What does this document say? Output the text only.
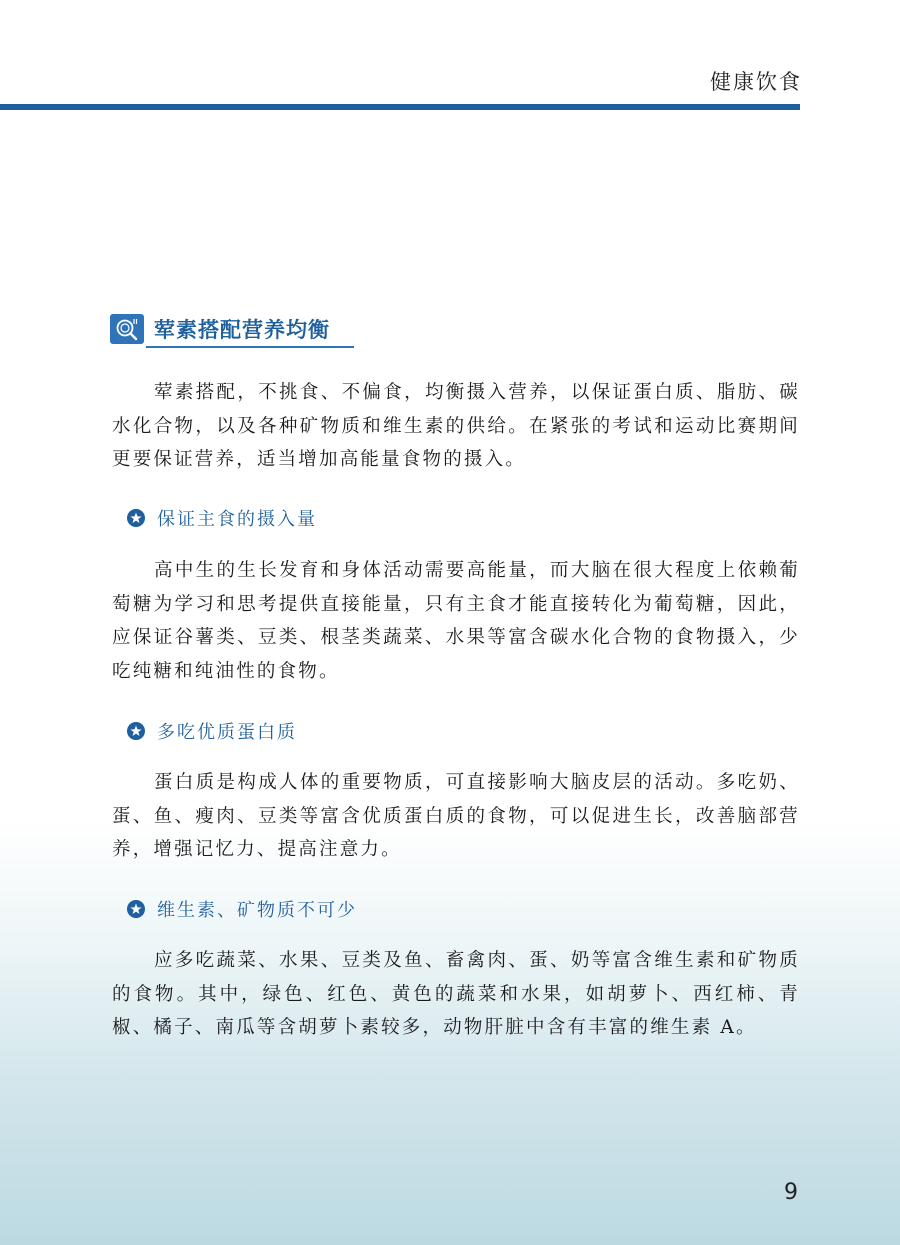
健康饮食
荤素搭配营养均衡

荤素搭配，不挑食、不偏食，均衡摄入营养，以保证蛋白质、脂肪、碳水化合物，以及各种矿物质和维生素的供给。在紧张的考试和运动比赛期间更要保证营养，适当增加高能量食物的摄入。

保证主食的摄入量

高中生的生长发育和身体活动需要高能量，而大脑在很大程度上依赖葡萄糖为学习和思考提供直接能量，只有主食才能直接转化为葡萄糖，因此，应保证谷薯类、豆类、根茎类蔬菜、水果等富含碳水化合物的食物摄入，少吃纯糖和纯油性的食物。

多吃优质蛋白质

蛋白质是构成人体的重要物质，可直接影响大脑皮层的活动。多吃奶、蛋、鱼、瘦肉、豆类等富含优质蛋白质的食物，可以促进生长，改善脑部营养，增强记忆力、提高注意力。

维生素、矿物质不可少

应多吃蔬菜、水果、豆类及鱼、畜禽肉、蛋、奶等富含维生素和矿物质的食物。其中，绿色、红色、黄色的蔬菜和水果，如胡萝卜、西红柿、青椒、橘子、南瓜等含胡萝卜素较多，动物肝脏中含有丰富的维生素 A。

9
